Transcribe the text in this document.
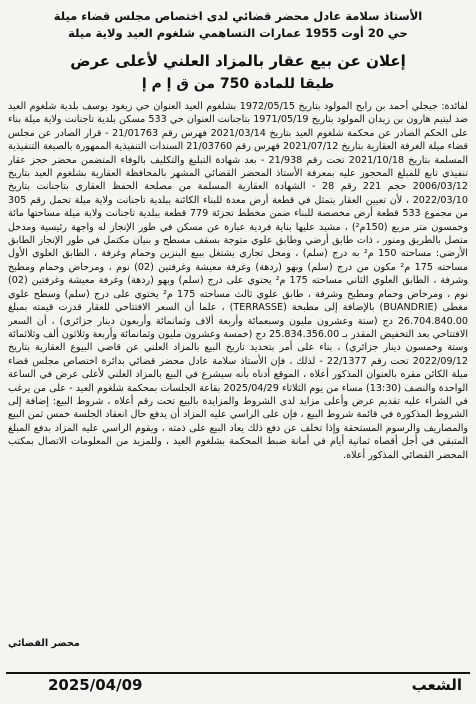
الأستاذ سلامة عادل محضر قضائي لدى اختصاص مجلس قضاء ميلة
حي 20 أوت 1955 عمارات التساهمي شلغوم العيد ولاية ميلة
إعلان عن بيع عقار بالمزاد العلني لأعلى عرض
طبقا للمادة 750 من ق إ م إ

لفائدة: جيجلي أحمد بن رابح المولود بتاريخ 1972/05/15 بشلغوم العيد العنوان حي زيغود يوسف بلدية شلغوم العيد ضد ليتيم هارون بن زيدان المولود بتاريخ 1971/05/19 بتاجنانت العنوان حي 533 مسكن بلدية تاجنانت ولاية ميلة بناء على الحكم الصادر عن محكمة شلغوم العيد بتاريخ 2021/03/14 فهرس رقم 21/01763 - قرار الصادر عن مجلس قضاء ميلة الغرفة العقارية بتاريخ 2021/07/12 فهرس رقم 21/03760 السندات التنفيذية الممهورة بالصيغة التنفيذية المسلمة بتاريخ 2021/10/18 تحت رقم 21/938 - بعد شهادة التبليغ والتكليف بالوفاء المتضمن محضر حجز عقار تنفيذي تابع للمبلغ المحجوز عليه بمعرفة الأستاذ المحضر القضائي المشهر بالمحافظة العقارية بشلغوم العيد بتاريخ 2006/03/12 حجم 221 رقم 28 - الشهادة العقارية المسلمة من مصلحة الحفظ العقاري بتاجنانت بتاريخ 2022/03/10 ، لأن تعيين العقار يتمثل في قطعة أرض معدة للبناء الكائنة ببلدية تاجنانت ولاية ميلة تحمل رقم 305 من مجموع 533 قطعة أرض مخصصة للبناء ضمن مخطط تجزئة 779 قطعة ببلدية تاجنانت ولاية ميلة مساحتها مائة وخمسون متر مربع (150م²) ، مشيد عليها بناية فردية عبارة عن مسكن في طور الإنجاز له واجهة رئيسية ومدخل متصل بالطريق ومنور ، ذات طابق أرضي وطابق علوي متوجة بسقف مسطح و بنيان مكتمل في طور الإنجاز الطابق الأرضي: مساحته 150 م² به درج (سلم) ، ومحل تجاري يشتغل ببيع البنزين وحمام وغرفة ، الطابق العلوي الأول مساحته 175 م² مكون من درج (سلم) وبهو (ردهة) وغرفة معيشة وغرفتين (02) نوم ، ومرحاض وحمام ومطبخ وشرفة ، الطابق العلوي الثاني مساحته 175 م² يحتوي على درج (سلم) وبهو (ردهة) وغرفة معيشة وغرفتين (02) نوم ، ومرحاض وحمام ومطبخ وشرفة ، طابق علوي ثالث مساحته 175 م² يحتوي على درج (سلم) وسطح علوي مغطى (BUANDRIE) بالإضافة إلى مطبخة (TERRASSE) ، علما أن السعر الافتتاحي للعقار قدرت قيمته بمبلغ 26.704.840.00 دج (ستة وعشرون مليون وسبعمائة وأربعة ألاف وثمانمائة وأربعون دينار جزائري) ، أن السعر الافتتاحي بعد التخفيض المقدر بـ 25.834.356.00 دج (خمسة وعشرون مليون وثمانمائة وأربعة وثلاثون ألف وثلاثمائة وستة وخمسون دينار جزائري) ، بناء على أمر بتحديد تاريخ البيع بالمزاد العلني عن قاضي البيوع العقارية بتاريخ 2022/09/12 تحت رقم 22/1377 - لذلك ، فإن الأستاذ سلامة عادل محضر قضائي بدائرة اختصاص مجلس قضاء ميلة الكائن مقره بالعنوان المذكور أعلاه ، الموقع أدناه بأنه سيشرع في البيع بالمزاد العلني لأعلى عرض في الساعة الواحدة والنصف (13:30) مساء من يوم الثلاثاء 2025/04/29 بقاعة الجلسات بمحكمة شلغوم العيد - على من يرغب في الشراء عليه تقديم عرض وأعلى مزايد لدى الشروط والمزايدة بالبيع تحت رقم أعلاه ، شروط البيع: إضافة إلى الشروط المذكورة في قائمة شروط البيع ، فإن على الراسي عليه المزاد أن يدفع حال انعقاد الجلسة خمس ثمن البيع والمصاريف والرسوم المستحقة وإذا تخلف عن دفع ذلك يعاد البيع على ذمته ، ويقوم الراسي عليه المزاد بدفع المبلغ المتبقي في أجل أقصاه ثمانية أيام في أمانة ضبط المحكمة بشلغوم العيد ، وللمزيد من المعلومات الاتصال بمكتب المحضر القضائي المذكور أعلاه.

محضر القضائي
2025/04/09	الشعب
